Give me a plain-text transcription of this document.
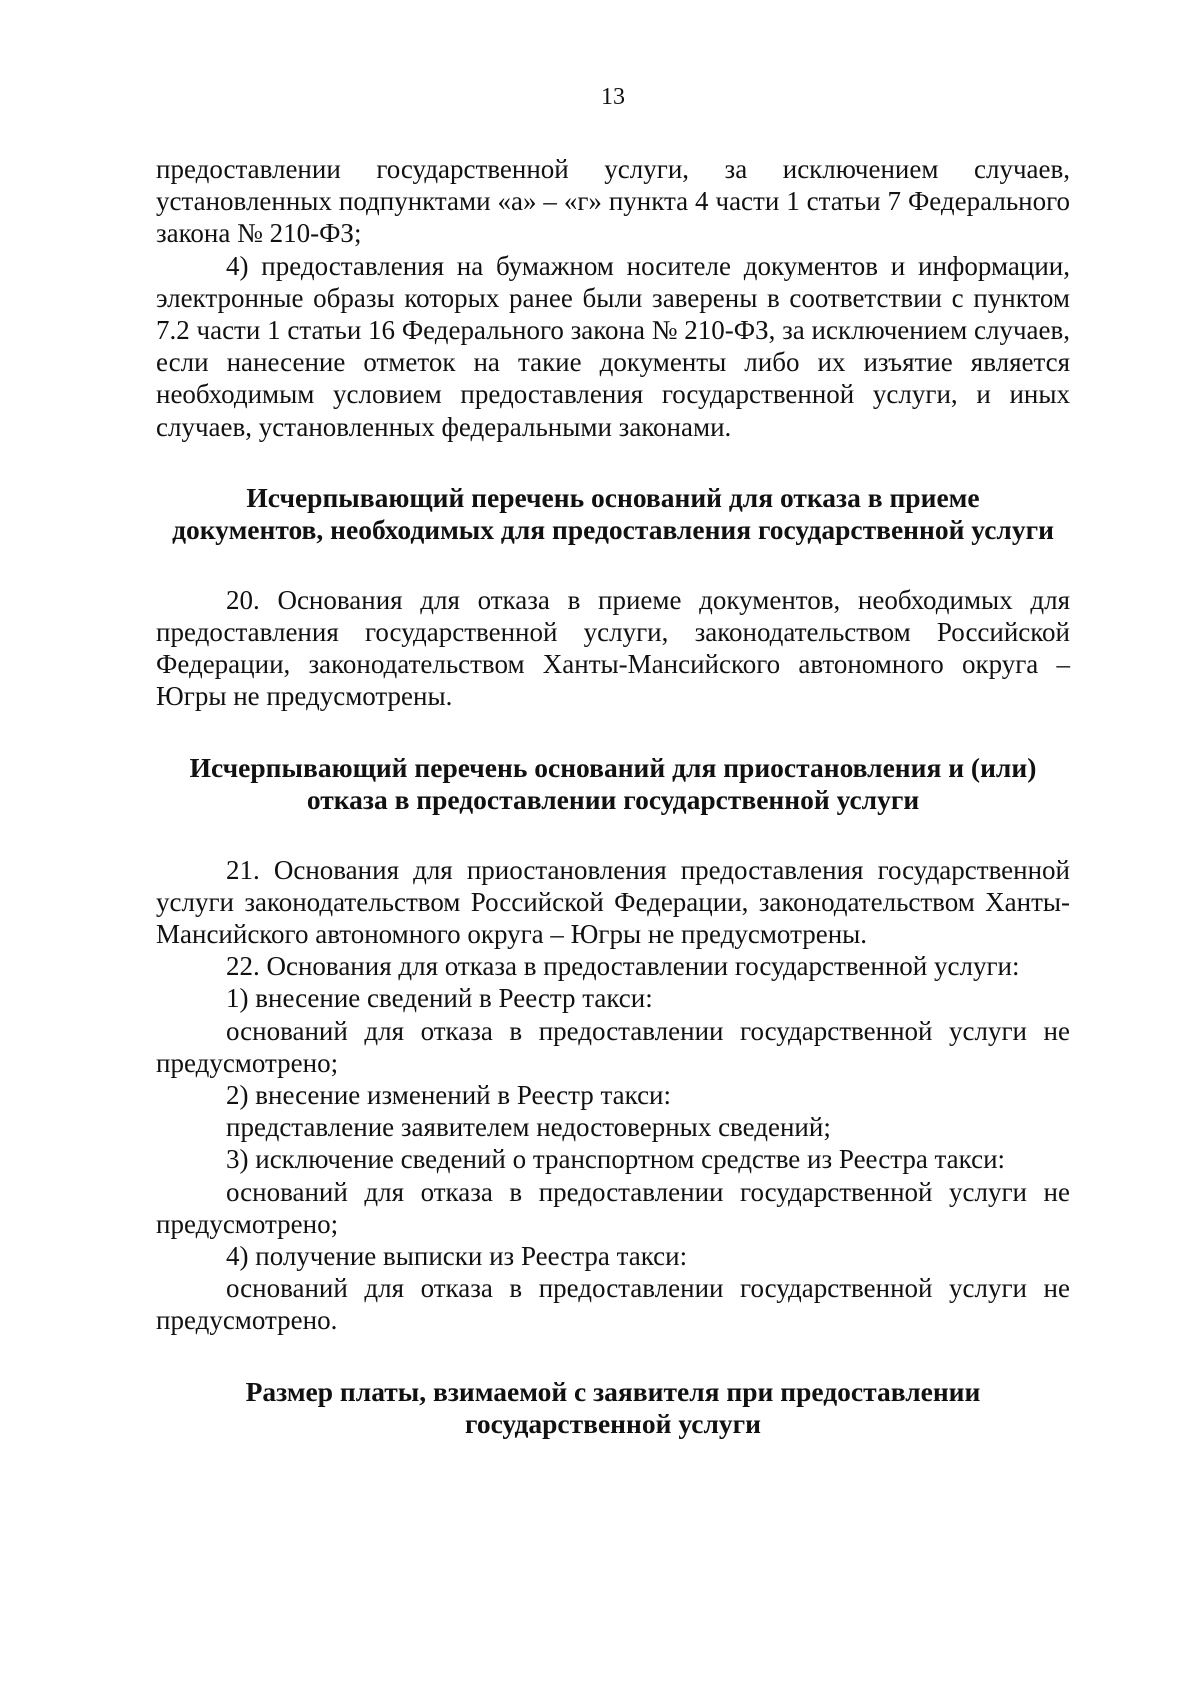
13

предоставлении государственной услуги, за исключением случаев, установленных подпунктами «а» – «г» пункта 4 части 1 статьи 7 Федерального закона № 210-ФЗ;

4) предоставления на бумажном носителе документов и информации, электронные образы которых ранее были заверены в соответствии с пунктом 7.2 части 1 статьи 16 Федерального закона № 210-ФЗ, за исключением случаев, если нанесение отметок на такие документы либо их изъятие является необходимым условием предоставления государственной услуги, и иных случаев, установленных федеральными законами.

Исчерпывающий перечень оснований для отказа в приеме
документов, необходимых для предоставления государственной услуги

20. Основания для отказа в приеме документов, необходимых для предоставления государственной услуги, законодательством Российской Федерации, законодательством Ханты-Мансийского автономного округа – Югры не предусмотрены.

Исчерпывающий перечень оснований для приостановления и (или)
отказа в предоставлении государственной услуги

21. Основания для приостановления предоставления государственной услуги законодательством Российской Федерации, законодательством Ханты-Мансийского автономного округа – Югры не предусмотрены.

22. Основания для отказа в предоставлении государственной услуги:

1) внесение сведений в Реестр такси:

оснований для отказа в предоставлении государственной услуги не предусмотрено;

2) внесение изменений в Реестр такси:

представление заявителем недостоверных сведений;

3) исключение сведений о транспортном средстве из Реестра такси:

оснований для отказа в предоставлении государственной услуги не предусмотрено;

4) получение выписки из Реестра такси:

оснований для отказа в предоставлении государственной услуги не предусмотрено.

Размер платы, взимаемой с заявителя при предоставлении
государственной услуги
